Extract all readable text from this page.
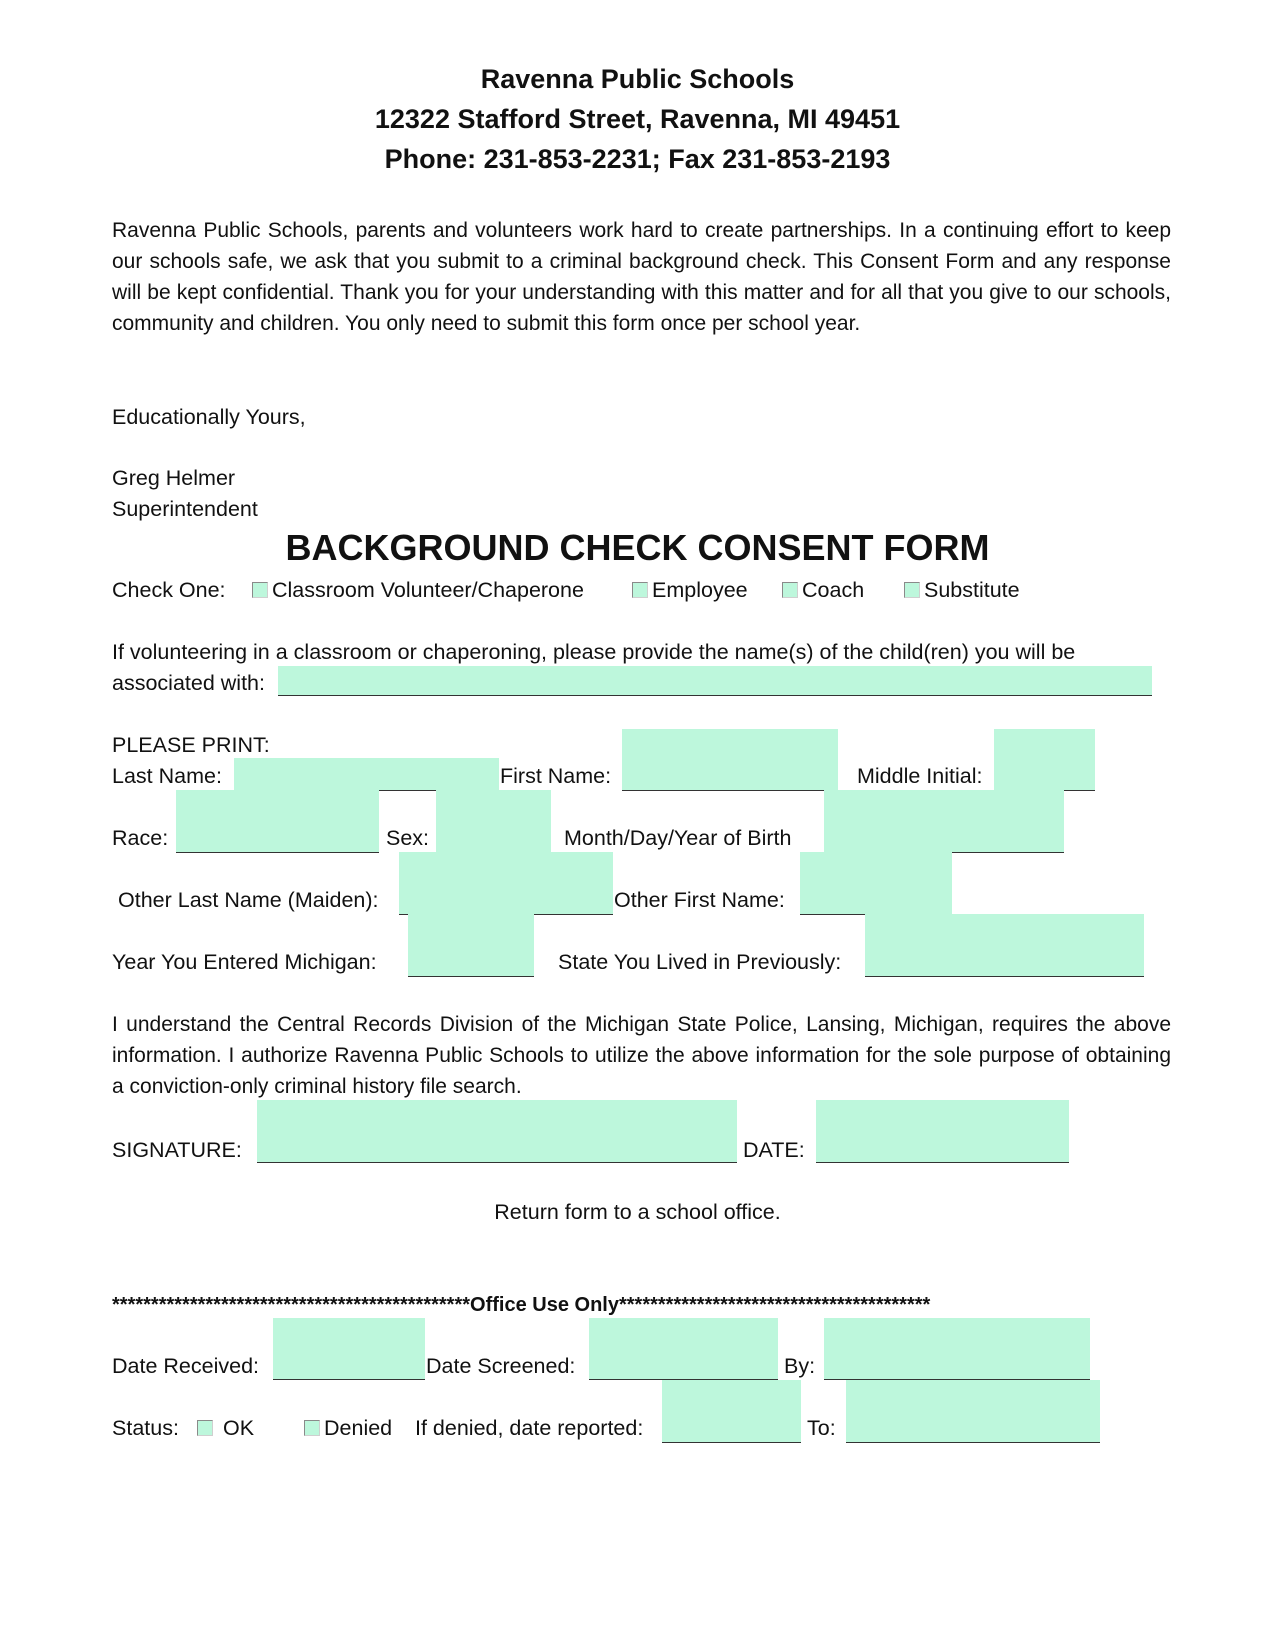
Ravenna Public Schools
12322 Stafford Street, Ravenna, MI 49451
Phone: 231-853-2231; Fax 231-853-2193
Ravenna Public Schools, parents and volunteers work hard to create partnerships. In a continuing effort to keep our schools safe, we ask that you submit to a criminal background check. This Consent Form and any response will be kept confidential. Thank you for your understanding with this matter and for all that you give to our schools, community and children. You only need to submit this form once per school year.
Educationally Yours,
Greg Helmer
Superintendent
BACKGROUND CHECK CONSENT FORM
Check One: Classroom Volunteer/Chaperone	Employee	Coach	Substitute
If volunteering in a classroom or chaperoning, please provide the name(s) of the child(ren) you will be
associated with:
PLEASE PRINT:
Last Name:	First Name:	Middle Initial:
Race:	Sex:	Month/Day/Year of Birth
Other Last Name (Maiden):	Other First Name:
Year You Entered Michigan:	State You Lived in Previously:
I understand the Central Records Division of the Michigan State Police, Lansing, Michigan, requires the above information. I authorize Ravenna Public Schools to utilize the above information for the sole purpose of obtaining a conviction-only criminal history file search.
SIGNATURE:	DATE:
Return form to a school office.
**********************************************Office Use Only****************************************
Date Received:	Date Screened:	By:
Status: OK	Denied If denied, date reported:	To:
